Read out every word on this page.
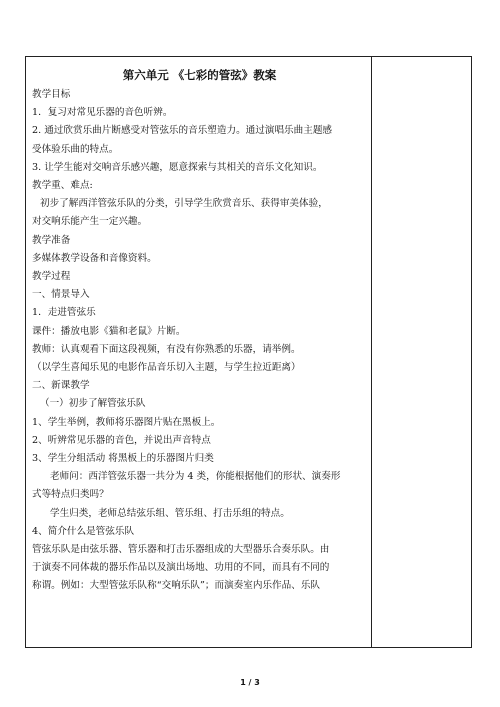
第六单元 《七彩的管弦》教案
教学目标
1．复习对常见乐器的音色听辨。
2. 通过欣赏乐曲片断感受对管弦乐的音乐塑造力。通过演唱乐曲主题感
受体验乐曲的特点。
3. 让学生能对交响音乐感兴趣，愿意探索与其相关的音乐文化知识。
教学重、难点:
初步了解西洋管弦乐队的分类，引导学生欣赏音乐、获得审美体验，
对交响乐能产生一定兴趣。
教学准备
多媒体教学设备和音像资料。
教学过程
一、情景导入
1．走进管弦乐
课件：播放电影《猫和老鼠》片断。
教师：认真观看下面这段视频，有没有你熟悉的乐器，请举例。
（以学生喜闻乐见的电影作品音乐切入主题，与学生拉近距离）
二、新课教学
（一）初步了解管弦乐队
1、学生举例，教师将乐器图片贴在黑板上。
2、听辨常见乐器的音色，并说出声音特点
3、学生分组活动 将黑板上的乐器图片归类
老师问：西洋管弦乐器一共分为 4 类，你能根据他们的形状、演奏形
式等特点归类吗？
学生归类，老师总结弦乐组、管乐组、打击乐组的特点。
4、简介什么是管弦乐队
管弦乐队是由弦乐器、管乐器和打击乐器组成的大型器乐合奏乐队。由
于演奏不同体裁的器乐作品以及演出场地、功用的不同，而具有不同的
称谓。例如：大型管弦乐队称“交响乐队”；而演奏室内乐作品、乐队
1 / 3
